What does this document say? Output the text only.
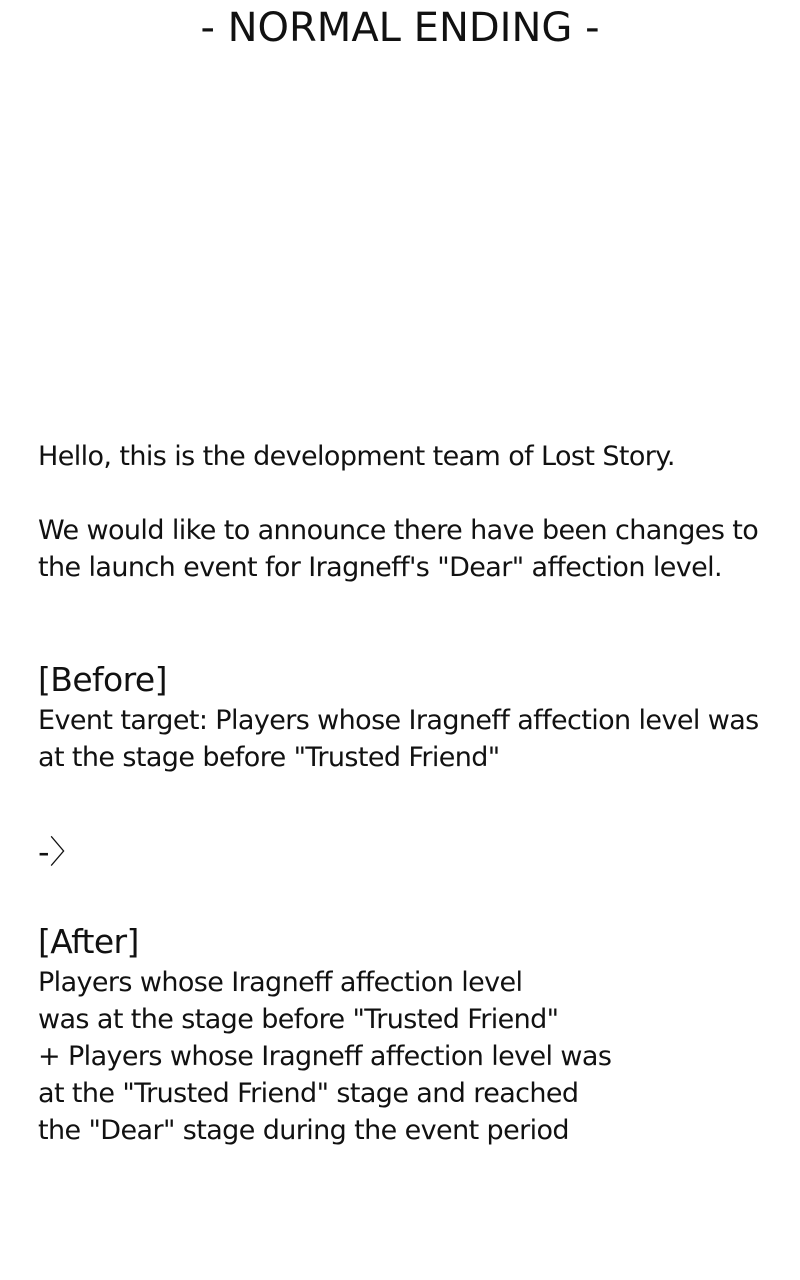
- NORMAL ENDING -
Hello, this is the development team of Lost Story.
We would like to announce there have been changes to
the launch event for Iragneff's "Dear" affection level.
[Before]
Event target: Players whose Iragneff affection level was
at the stage before "Trusted Friend"
-〉
[After]
Players whose Iragneff affection level
was at the stage before "Trusted Friend"
+ Players whose Iragneff affection level was
at the "Trusted Friend" stage and reached
the "Dear" stage during the event period
